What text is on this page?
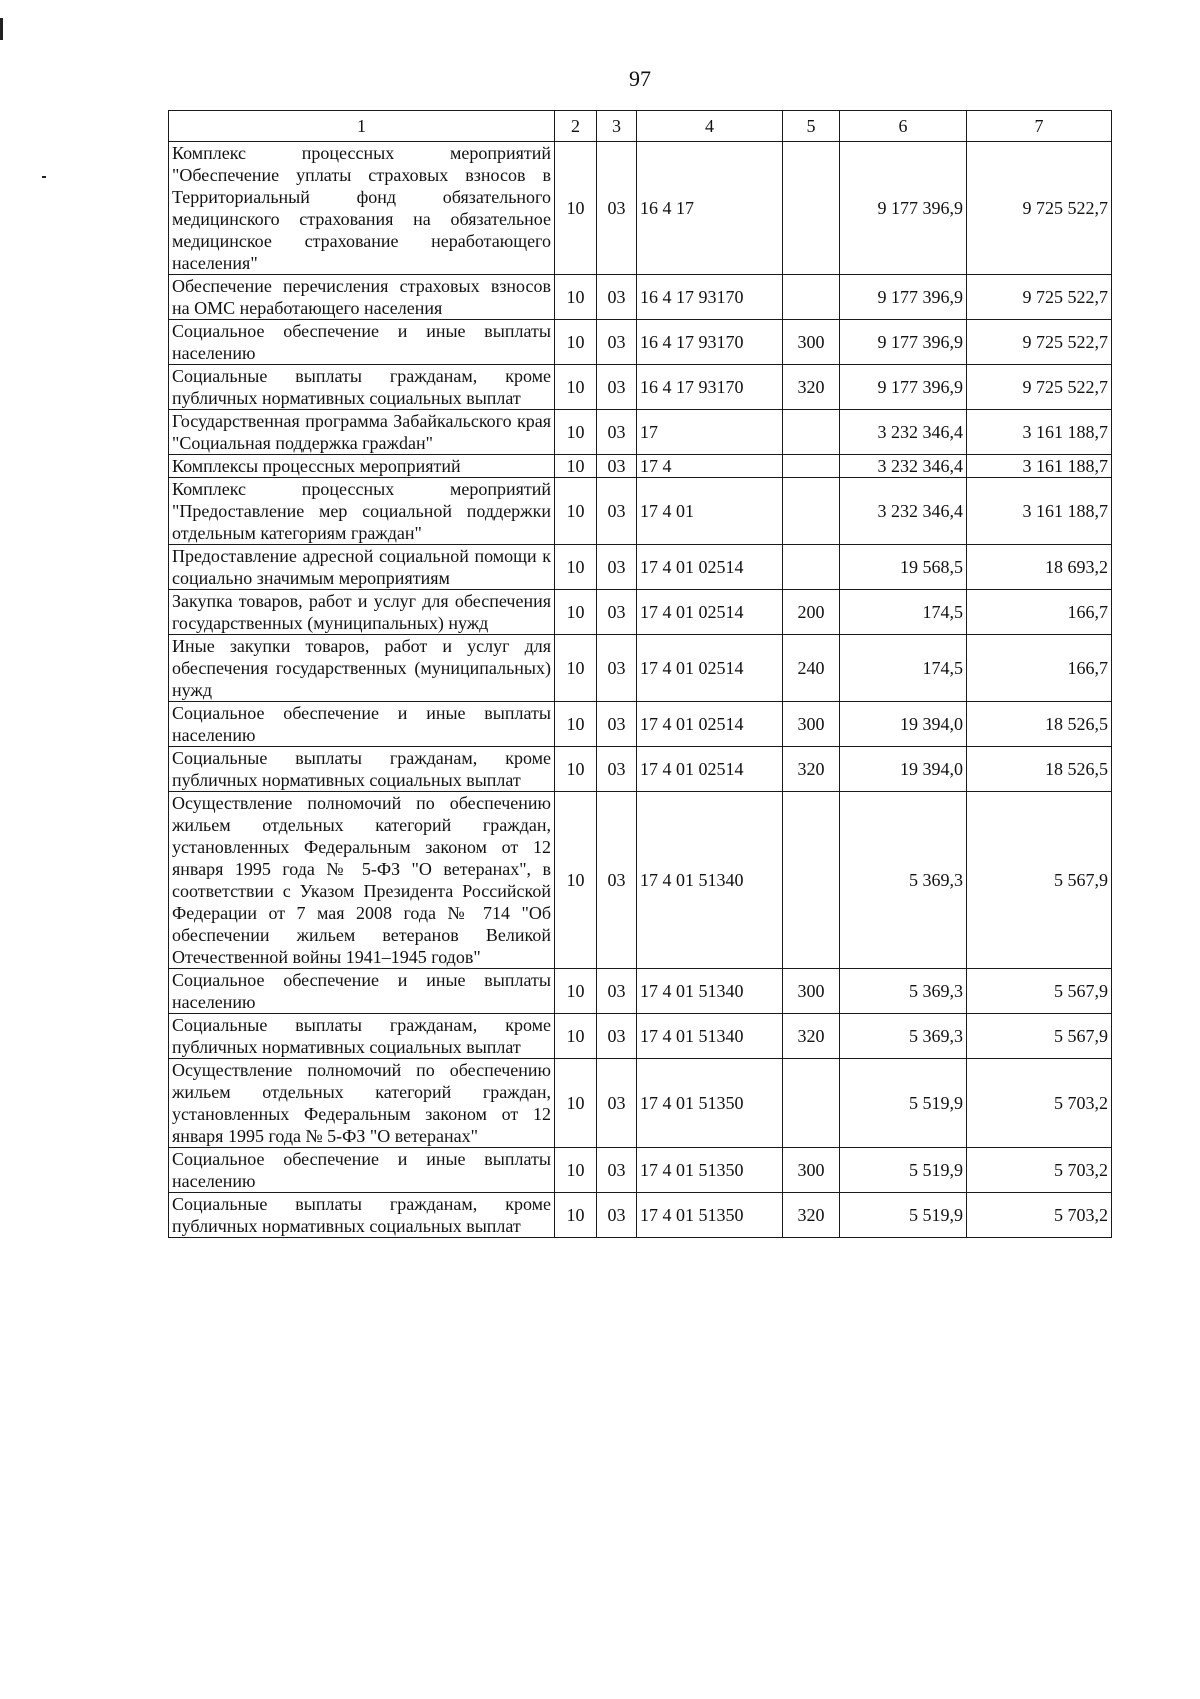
97
1	2	3	4	5	6	7
Комплекс процессных мероприятий "Обеспечение уплаты страховых взносов в Территориальный фонд обязательного медицинского страхования на обязательное медицинское страхование неработающего населения"	10	03	16 4 17		9 177 396,9	9 725 522,7
Обеспечение перечисления страховых взносов на ОМС неработающего населения	10	03	16 4 17 93170		9 177 396,9	9 725 522,7
Социальное обеспечение и иные выплаты населению	10	03	16 4 17 93170	300	9 177 396,9	9 725 522,7
Социальные выплаты гражданам, кроме публичных нормативных социальных выплат	10	03	16 4 17 93170	320	9 177 396,9	9 725 522,7
Государственная программа Забайкальского края "Социальная поддержка гражdан"	10	03	17		3 232 346,4	3 161 188,7
Комплексы процессных мероприятий	10	03	17 4		3 232 346,4	3 161 188,7
Комплекс процессных мероприятий "Предоставление мер социальной поддержки отдельным категориям граждан"	10	03	17 4 01		3 232 346,4	3 161 188,7
Предоставление адресной социальной помощи к социально значимым мероприятиям	10	03	17 4 01 02514		19 568,5	18 693,2
Закупка товаров, работ и услуг для обеспечения государственных (муниципальных) нужд	10	03	17 4 01 02514	200	174,5	166,7
Иные закупки товаров, работ и услуг для обеспечения государственных (муниципальных) нужд	10	03	17 4 01 02514	240	174,5	166,7
Социальное обеспечение и иные выплаты населению	10	03	17 4 01 02514	300	19 394,0	18 526,5
Социальные выплаты гражданам, кроме публичных нормативных социальных выплат	10	03	17 4 01 02514	320	19 394,0	18 526,5
Осуществление полномочий по обеспечению жильем отдельных категорий граждан, установленных Федеральным законом от 12 января 1995 года № 5-ФЗ "О ветеранах", в соответствии с Указом Президента Российской Федерации от 7 мая 2008 года № 714 "Об обеспечении жильем ветеранов Великой Отечественной войны 1941–1945 годов"	10	03	17 4 01 51340		5 369,3	5 567,9
Социальное обеспечение и иные выплаты населению	10	03	17 4 01 51340	300	5 369,3	5 567,9
Социальные выплаты гражданам, кроме публичных нормативных социальных выплат	10	03	17 4 01 51340	320	5 369,3	5 567,9
Осуществление полномочий по обеспечению жильем отдельных категорий граждан, установленных Федеральным законом от 12 января 1995 года № 5-ФЗ "О ветеранах"	10	03	17 4 01 51350		5 519,9	5 703,2
Социальное обеспечение и иные выплаты населению	10	03	17 4 01 51350	300	5 519,9	5 703,2
Социальные выплаты гражданам, кроме публичных нормативных социальных выплат	10	03	17 4 01 51350	320	5 519,9	5 703,2
